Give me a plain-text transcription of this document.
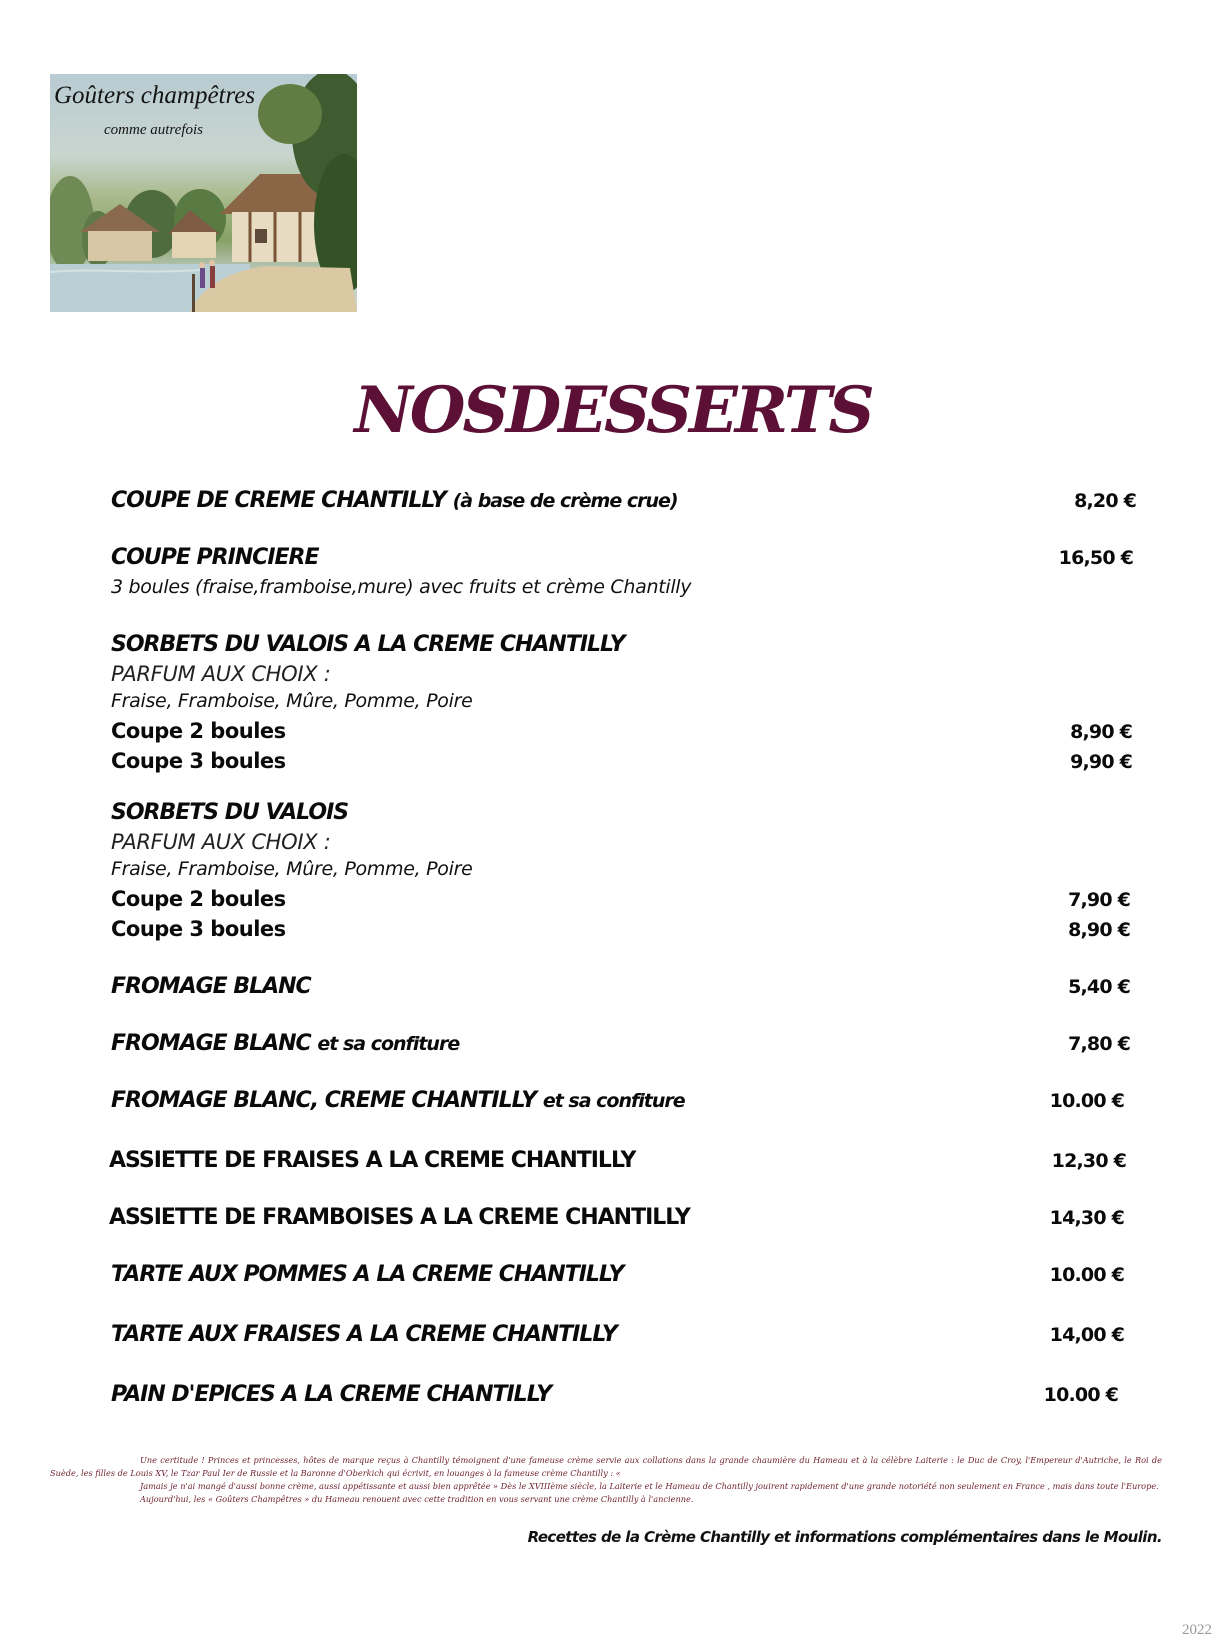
Goûters champêtres
comme autrefois
NOSDESSERTS
COUPE DE CREME CHANTILLY (à base de crème crue)	8,20 €
COUPE PRINCIERE	16,50 €
3 boules (fraise,framboise,mure) avec fruits et crème Chantilly
SORBETS DU VALOIS A LA CREME CHANTILLY
PARFUM AUX CHOIX :
Fraise, Framboise, Mûre, Pomme, Poire
Coupe 2 boules	8,90 €
Coupe 3 boules	9,90 €
SORBETS DU VALOIS
PARFUM AUX CHOIX :
Fraise, Framboise, Mûre, Pomme, Poire
Coupe 2 boules	7,90 €
Coupe 3 boules	8,90 €
FROMAGE BLANC	5,40 €
FROMAGE BLANC et sa confiture	7,80 €
FROMAGE BLANC, CREME CHANTILLY et sa confiture	10.00 €
ASSIETTE DE FRAISES A LA CREME CHANTILLY	12,30 €
ASSIETTE DE FRAMBOISES A LA CREME CHANTILLY	14,30 €
TARTE AUX POMMES A LA CREME CHANTILLY	10.00 €
TARTE AUX FRAISES A LA CREME CHANTILLY	14,00 €
PAIN D'EPICES A LA CREME CHANTILLY	10.00 €

Une certitude ! Princes et princesses, hôtes de marque reçus à Chantilly témoignent d'une fameuse crème servie aux collations dans la grande chaumière du Hameau et à la célèbre Laiterie : le Duc de Croy, l'Empereur d'Autriche, le Roi de Suède, les filles de Louis XV, le Tzar Paul Ier de Russie et la Baronne d'Oberkich qui écrivit, en louanges à la fameuse crème Chantilly : «

Jamais je n'ai mangé d'aussi bonne crème, aussi appétissante et aussi bien apprêtée » Dès le XVIIIème siècle, la Laiterie et le Hameau de Chantilly jouirent rapidement d'une grande notoriété non seulement en France , mais dans toute l'Europe.

Aujourd'hui, les « Goûters Champêtres » du Hameau renouent avec cette tradition en vous servant une crème Chantilly à l'ancienne.

Recettes de la Crème Chantilly et informations complémentaires dans le Moulin.
2022
